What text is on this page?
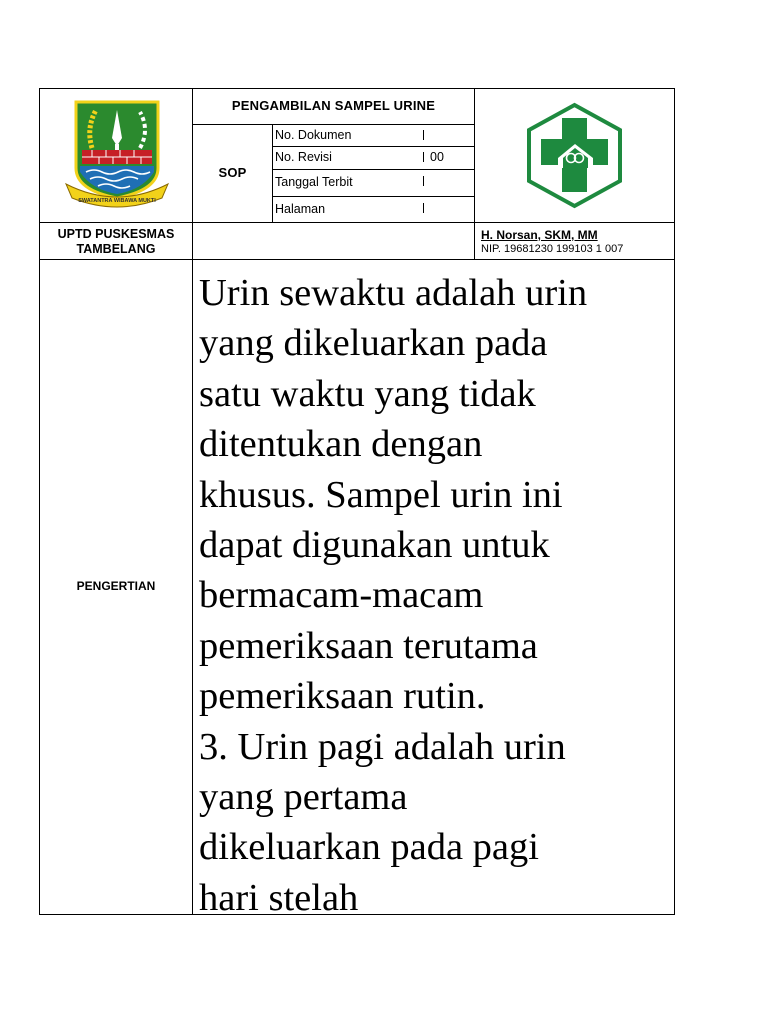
PENGAMBILAN SAMPEL URINE
SOP
No. Dokumen
No. Revisi	00
Tanggal Terbit
Halaman
UPTD PUSKESMAS
TAMBELANG
H. Norsan, SKM, MM
NIP. 19681230 199103 1 007
SWATANTRA WIBAWA MUKTI
PENGERTIAN
Urin sewaktu adalah urin
yang dikeluarkan pada
satu waktu yang tidak
ditentukan dengan
khusus. Sampel urin ini
dapat digunakan untuk
bermacam-macam
pemeriksaan terutama
pemeriksaan rutin.
3. Urin pagi adalah urin
yang pertama
dikeluarkan pada pagi
hari stelah
